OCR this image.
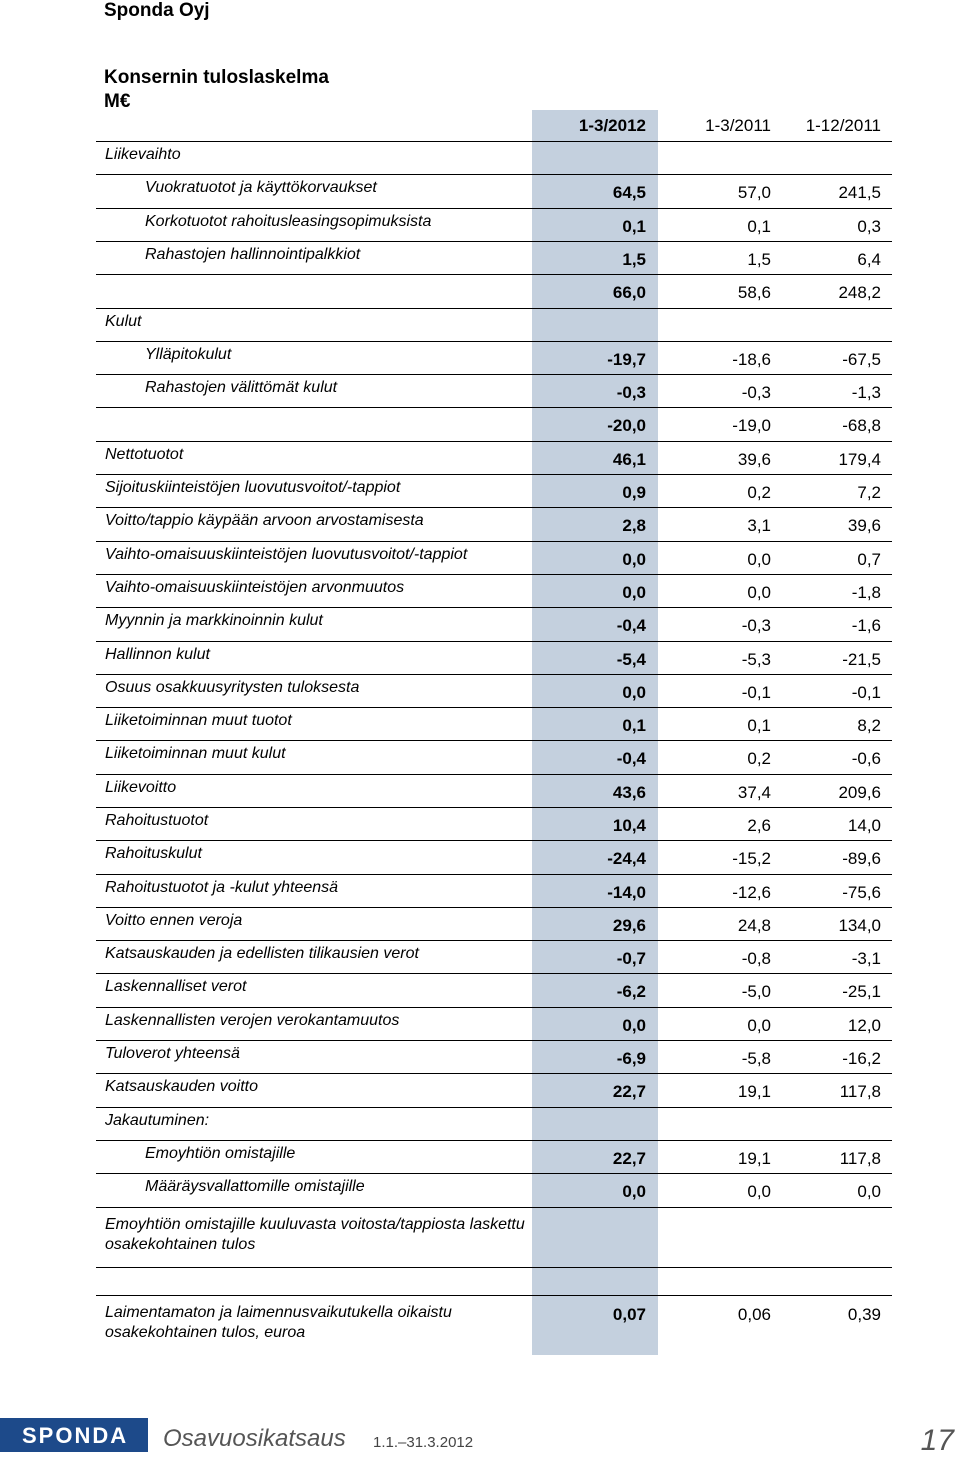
Sponda Oyj
Konsernin tuloslaskelma
M€
1-3/2012	1-3/2011	1-12/2011
Liikevaihto
Vuokratuotot ja käyttökorvaukset	64,5	57,0	241,5
Korkotuotot rahoitusleasingsopimuksista	0,1	0,1	0,3
Rahastojen hallinnointipalkkiot	1,5	1,5	6,4
66,0	58,6	248,2
Kulut
Ylläpitokulut	-19,7	-18,6	-67,5
Rahastojen välittömät kulut	-0,3	-0,3	-1,3
-20,0	-19,0	-68,8
Nettotuotot	46,1	39,6	179,4
Sijoituskiinteistöjen luovutusvoitot/-tappiot	0,9	0,2	7,2
Voitto/tappio käypään arvoon arvostamisesta	2,8	3,1	39,6
Vaihto-omaisuuskiinteistöjen luovutusvoitot/-tappiot	0,0	0,0	0,7
Vaihto-omaisuuskiinteistöjen arvonmuutos	0,0	0,0	-1,8
Myynnin ja markkinoinnin kulut	-0,4	-0,3	-1,6
Hallinnon kulut	-5,4	-5,3	-21,5
Osuus osakkuusyritysten tuloksesta	0,0	-0,1	-0,1
Liiketoiminnan muut tuotot	0,1	0,1	8,2
Liiketoiminnan muut kulut	-0,4	0,2	-0,6
Liikevoitto	43,6	37,4	209,6
Rahoitustuotot	10,4	2,6	14,0
Rahoituskulut	-24,4	-15,2	-89,6
Rahoitustuotot ja -kulut yhteensä	-14,0	-12,6	-75,6
Voitto ennen veroja	29,6	24,8	134,0
Katsauskauden ja edellisten tilikausien verot	-0,7	-0,8	-3,1
Laskennalliset verot	-6,2	-5,0	-25,1
Laskennallisten verojen verokantamuutos	0,0	0,0	12,0
Tuloverot yhteensä	-6,9	-5,8	-16,2
Katsauskauden voitto	22,7	19,1	117,8
Jakautuminen:
Emoyhtiön omistajille	22,7	19,1	117,8
Määräysvallattomille omistajille	0,0	0,0	0,0
Emoyhtiön omistajille kuuluvasta voitosta/tappiosta laskettu osakekohtainen tulos
Laimentamaton ja laimennusvaikutukella oikaistu osakekohtainen tulos, euroa
0,07	0,06	0,39
SPONDA Osavuosikatsaus 1.1.–31.3.2012	17
